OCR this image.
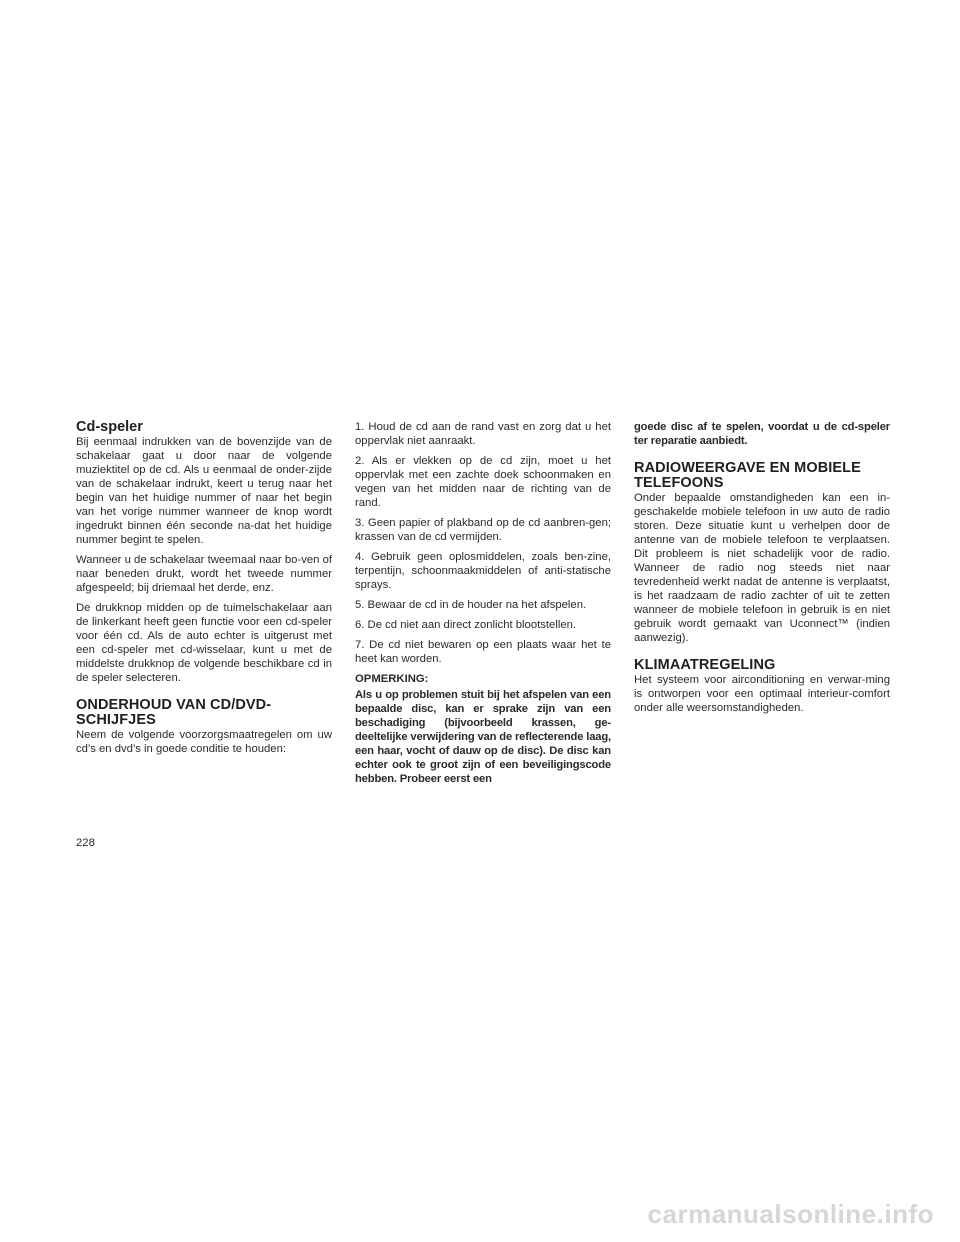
Cd-speler

Bij eenmaal indrukken van de bovenzijde van de schakelaar gaat u door naar de volgende muziektitel op de cd. Als u eenmaal de onder-zijde van de schakelaar indrukt, keert u terug naar het begin van het huidige nummer of naar het begin van het vorige nummer wanneer de knop wordt ingedrukt binnen één seconde na-dat het huidige nummer begint te spelen.

Wanneer u de schakelaar tweemaal naar bo-ven of naar beneden drukt, wordt het tweede nummer afgespeeld; bij driemaal het derde, enz.

De drukknop midden op de tuimelschakelaar aan de linkerkant heeft geen functie voor een cd-speler voor één cd. Als de auto echter is uitgerust met een cd-speler met cd-wisselaar, kunt u met de middelste drukknop de volgende beschikbare cd in de speler selecteren.

ONDERHOUD VAN CD/DVD-SCHIJFJES

Neem de volgende voorzorgsmaatregelen om uw cd’s en dvd’s in goede conditie te houden:

1. Houd de cd aan de rand vast en zorg dat u het oppervlak niet aanraakt.

2. Als er vlekken op de cd zijn, moet u het oppervlak met een zachte doek schoonmaken en vegen van het midden naar de richting van de rand.

3. Geen papier of plakband op de cd aanbren-gen; krassen van de cd vermijden.

4. Gebruik geen oplosmiddelen, zoals ben-zine, terpentijn, schoonmaakmiddelen of anti-statische sprays.

5. Bewaar de cd in de houder na het afspelen.

6. De cd niet aan direct zonlicht blootstellen.

7. De cd niet bewaren op een plaats waar het te heet kan worden.

OPMERKING:

Als u op problemen stuit bij het afspelen van een bepaalde disc, kan er sprake zijn van een beschadiging (bijvoorbeeld krassen, ge-deeltelijke verwijdering van de reflecterende laag, een haar, vocht of dauw op de disc). De disc kan echter ook te groot zijn of een beveiligingscode hebben. Probeer eerst een

goede disc af te spelen, voordat u de cd-speler ter reparatie aanbiedt.

RADIOWEERGAVE EN MOBIELE TELEFOONS

Onder bepaalde omstandigheden kan een in-geschakelde mobiele telefoon in uw auto de radio storen. Deze situatie kunt u verhelpen door de antenne van de mobiele telefoon te verplaatsen. Dit probleem is niet schadelijk voor de radio. Wanneer de radio nog steeds niet naar tevredenheid werkt nadat de antenne is verplaatst, is het raadzaam de radio zachter of uit te zetten wanneer de mobiele telefoon in gebruik is en niet gebruik wordt gemaakt van Uconnect™ (indien aanwezig).

KLIMAATREGELING

Het systeem voor airconditioning en verwar-ming is ontworpen voor een optimaal interieur-comfort onder alle weersomstandigheden.

228
carmanualsonline.info
